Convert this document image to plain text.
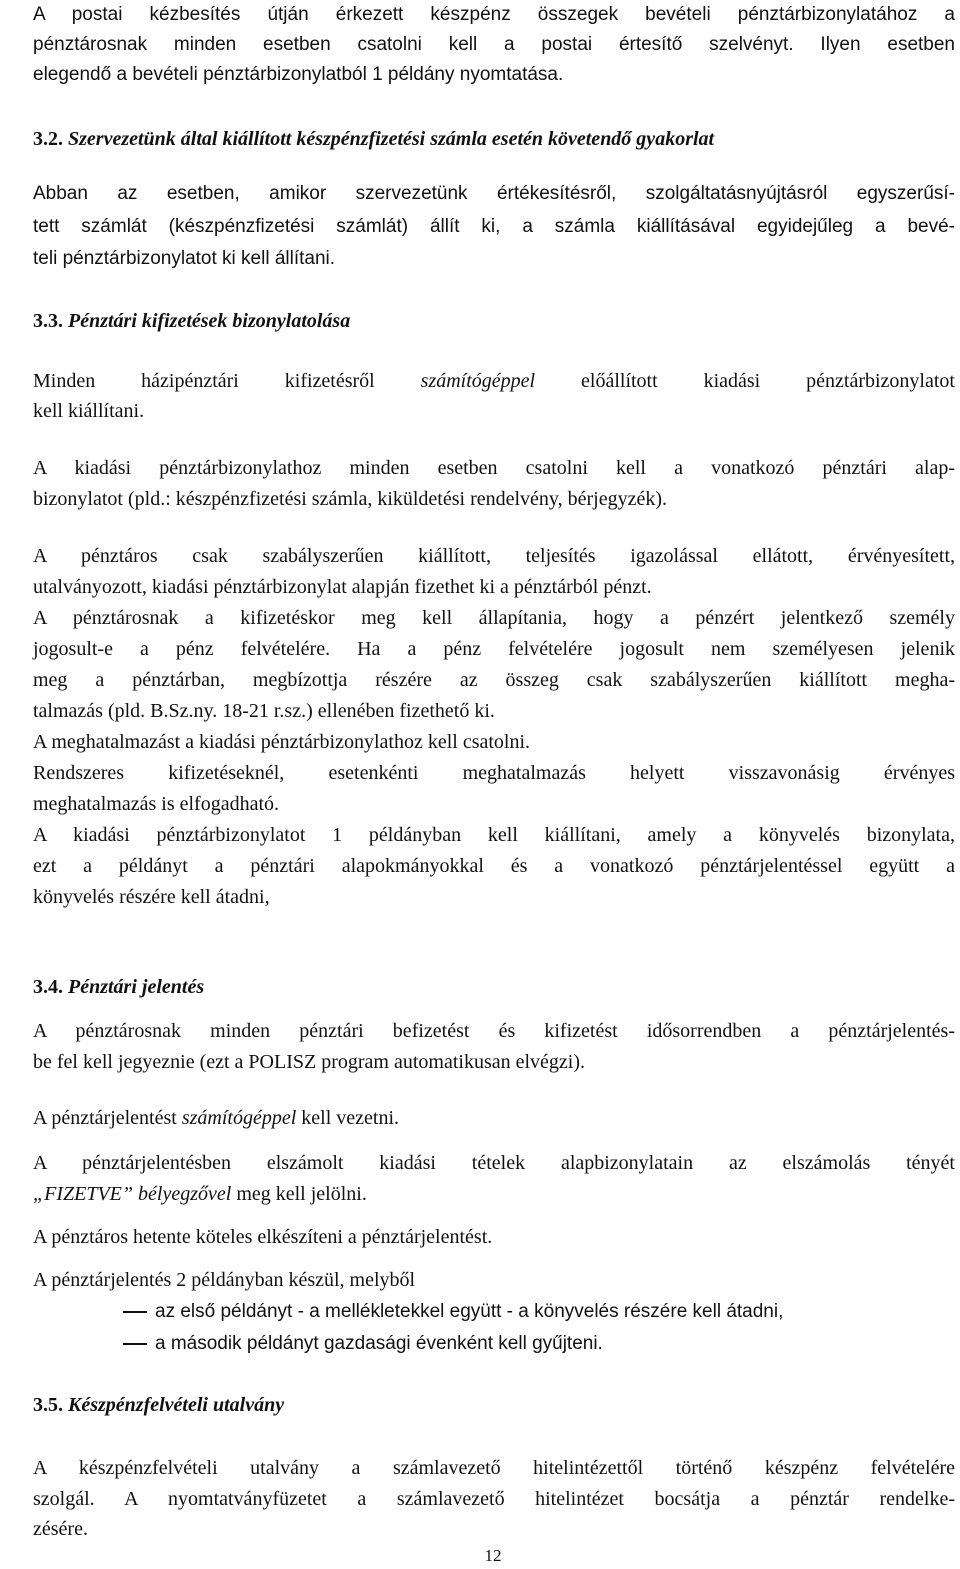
A postai kézbesítés útján érkezett készpénz összegek bevételi pénztárbizonylatához a
pénztárosnak minden esetben csatolni kell a postai értesítő szelvényt. Ilyen esetben
elegendő a bevételi pénztárbizonylatból 1 példány nyomtatása.
3.2. Szervezetünk által kiállított készpénzfizetési számla esetén követendő gyakorlat
Abban az esetben, amikor szervezetünk értékesítésről, szolgáltatásnyújtásról egyszerűsí-
tett számlát (készpénzfizetési számlát) állít ki, a számla kiállításával egyidejűleg a bevé-
teli pénztárbizonylatot ki kell állítani.
3.3. Pénztári kifizetések bizonylatolása
Minden házipénztári kifizetésről számítógéppel előállított kiadási pénztárbizonylatot
kell kiállítani.
A kiadási pénztárbizonylathoz minden esetben csatolni kell a vonatkozó pénztári alap-
bizonylatot (pld.: készpénzfizetési számla, kiküldetési rendelvény, bérjegyzék).
A pénztáros csak szabályszerűen kiállított, teljesítés igazolással ellátott, érvényesített,
utalványozott, kiadási pénztárbizonylat alapján fizethet ki a pénztárból pénzt.
A pénztárosnak a kifizetéskor meg kell állapítania, hogy a pénzért jelentkező személy
jogosult-e a pénz felvételére. Ha a pénz felvételére jogosult nem személyesen jelenik
meg a pénztárban, megbízottja részére az összeg csak szabályszerűen kiállított megha-
talmazás (pld. B.Sz.ny. 18-21 r.sz.) ellenében fizethető ki.
A meghatalmazást a kiadási pénztárbizonylathoz kell csatolni.
Rendszeres kifizetéseknél, esetenkénti meghatalmazás helyett visszavonásig érvényes
meghatalmazás is elfogadható.
A kiadási pénztárbizonylatot 1 példányban kell kiállítani, amely a könyvelés bizonylata,
ezt a példányt a pénztári alapokmányokkal és a vonatkozó pénztárjelentéssel együtt a
könyvelés részére kell átadni,
3.4. Pénztári jelentés
A pénztárosnak minden pénztári befizetést és kifizetést idősorrendben a pénztárjelentés-
be fel kell jegyeznie (ezt a POLISZ program automatikusan elvégzi).
A pénztárjelentést számítógéppel kell vezetni.
A pénztárjelentésben elszámolt kiadási tételek alapbizonylatain az elszámolás tényét
„FIZETVE” bélyegzővel meg kell jelölni.
A pénztáros hetente köteles elkészíteni a pénztárjelentést.
A pénztárjelentés 2 példányban készül, melyből
az első példányt - a mellékletekkel együtt - a könyvelés részére kell átadni,
a második példányt gazdasági évenként kell gyűjteni.
3.5. Készpénzfelvételi utalvány
A készpénzfelvételi utalvány a számlavezető hitelintézettől történő készpénz felvételére
szolgál. A nyomtatványfüzetet a számlavezető hitelintézet bocsátja a pénztár rendelke-
zésére.
12
